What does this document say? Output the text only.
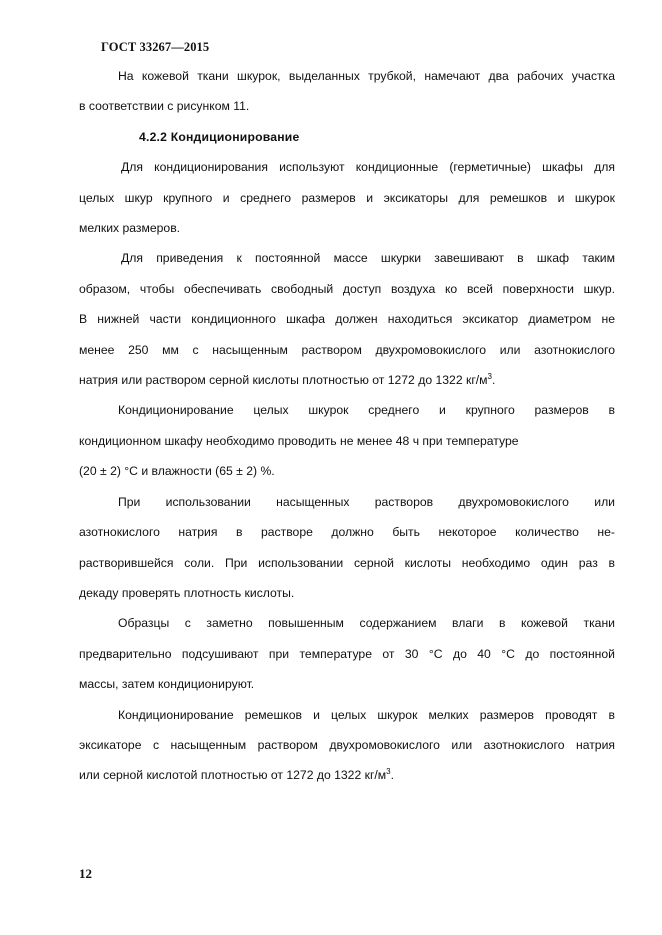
ГОСТ 33267—2015

На кожевой ткани шкурок, выделанных трубкой, намечают два рабочих участка

в соответствии с рисунком 11.
4.2.2 Кондиционирование

Для кондиционирования используют кондиционные (герметичные) шкафы для

целых шкур крупного и среднего размеров и эксикаторы для ремешков и шкурок
мелких размеров.

Для приведения к постоянной массе шкурки завешивают в шкаф таким

образом, чтобы обеспечивать свободный доступ воздуха ко всей поверхности шкур.
В нижней части кондиционного шкафа должен находиться эксикатор диаметром не
менее 250 мм с насыщенным раствором двухромовокислого или азотнокислого
натрия или раствором серной кислоты плотностью от 1272 до 1322 $кг/м^3$.

Кондиционирование целых шкурок среднего и крупного размеров в

кондиционном шкафу необходимо проводить не менее 48 ч при температуре
(20 ± 2) °С и влажности (65 ± 2) %.

При использовании насыщенных растворов двухромовокислого или

азотнокислого натрия в растворе должно быть некоторое количество не-
растворившейся соли. При использовании серной кислоты необходимо один раз в
декаду проверять плотность кислоты.

Образцы с заметно повышенным содержанием влаги в кожевой ткани

предварительно подсушивают при температуре от 30 °С до 40 °С до постоянной
массы, затем кондиционируют.

Кондиционирование ремешков и целых шкурок мелких размеров проводят в

эксикаторе с насыщенным раствором двухромовокислого или азотнокислого натрия
или серной кислотой плотностью от 1272 до 1322 $кг/м^3$.
12
